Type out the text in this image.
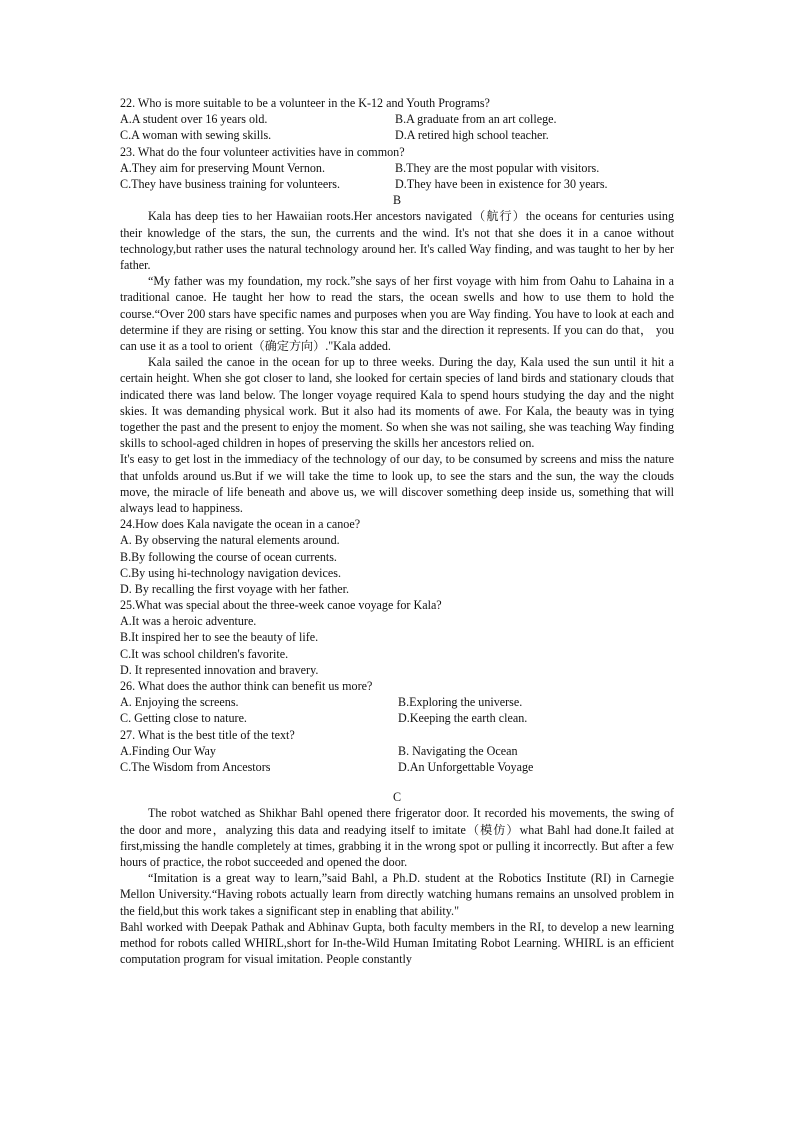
22. Who is more suitable to be a volunteer in the K-12 and Youth Programs?
A.A student over 16 years old.	B.A graduate from an art college.
C.A woman with sewing skills.	D.A retired high school teacher.
23. What do the four volunteer activities have in common?
A.They aim for preserving Mount Vernon.	B.They are the most popular with visitors.
C.They have business training for volunteers.	D.They have been in existence for 30 years.
B

Kala has deep ties to her Hawaiian roots.Her ancestors navigated（航行）the oceans for centuries using their knowledge of the stars, the sun, the currents and the wind. It's not that she does it in a canoe without technology,but rather uses the natural technology around her. It's called Way finding, and was taught to her by her father.

“My father was my foundation, my rock.”she says of her first voyage with him from Oahu to Lahaina in a traditional canoe. He taught her how to read the stars, the ocean swells and how to use them to hold the course.“Over 200 stars have specific names and purposes when you are Way finding. You have to look at each and determine if they are rising or setting. You know this star and the direction it represents. If you can do that， you can use it as a tool to orient（确定方向）."Kala added.

Kala sailed the canoe in the ocean for up to three weeks. During the day, Kala used the sun until it hit a certain height. When she got closer to land, she looked for certain species of land birds and stationary clouds that indicated there was land below. The longer voyage required Kala to spend hours studying the day and the night skies. It was demanding physical work. But it also had its moments of awe. For Kala, the beauty was in tying together the past and the present to enjoy the moment. So when she was not sailing, she was teaching Way finding skills to school-aged children in hopes of preserving the skills her ancestors relied on.

It's easy to get lost in the immediacy of the technology of our day, to be consumed by screens and miss the nature that unfolds around us.But if we will take the time to look up, to see the stars and the sun, the way the clouds move, the miracle of life beneath and above us, we will discover something deep inside us, something that will always lead to happiness.

24.How does Kala navigate the ocean in a canoe?
A. By observing the natural elements around.
B.By following the course of ocean currents.
C.By using hi-technology navigation devices.
D. By recalling the first voyage with her father.
25.What was special about the three-week canoe voyage for Kala?
A.It was a heroic adventure.
B.It inspired her to see the beauty of life.
C.It was school children's favorite.
D. It represented innovation and bravery.
26. What does the author think can benefit us more?
A. Enjoying the screens.	B.Exploring the universe.
C. Getting close to nature.	D.Keeping the earth clean.
27. What is the best title of the text?
A.Finding Our Way	B. Navigating the Ocean
C.The Wisdom from Ancestors	D.An Unforgettable Voyage
C

The robot watched as Shikhar Bahl opened there frigerator door. It recorded his movements, the swing of the door and more，analyzing this data and readying itself to imitate（模仿）what Bahl had done.It failed at first,missing the handle completely at times, grabbing it in the wrong spot or pulling it incorrectly. But after a few hours of practice, the robot succeeded and opened the door.

“Imitation is a great way to learn,”said Bahl, a Ph.D. student at the Robotics Institute (RI) in Carnegie Mellon University.“Having robots actually learn from directly watching humans remains an unsolved problem in the field,but this work takes a significant step in enabling that ability."

Bahl worked with Deepak Pathak and Abhinav Gupta, both faculty members in the RI, to develop a new learning method for robots called WHIRL,short for In-the-Wild Human Imitating Robot Learning. WHIRL is an efficient computation program for visual imitation. People constantly
